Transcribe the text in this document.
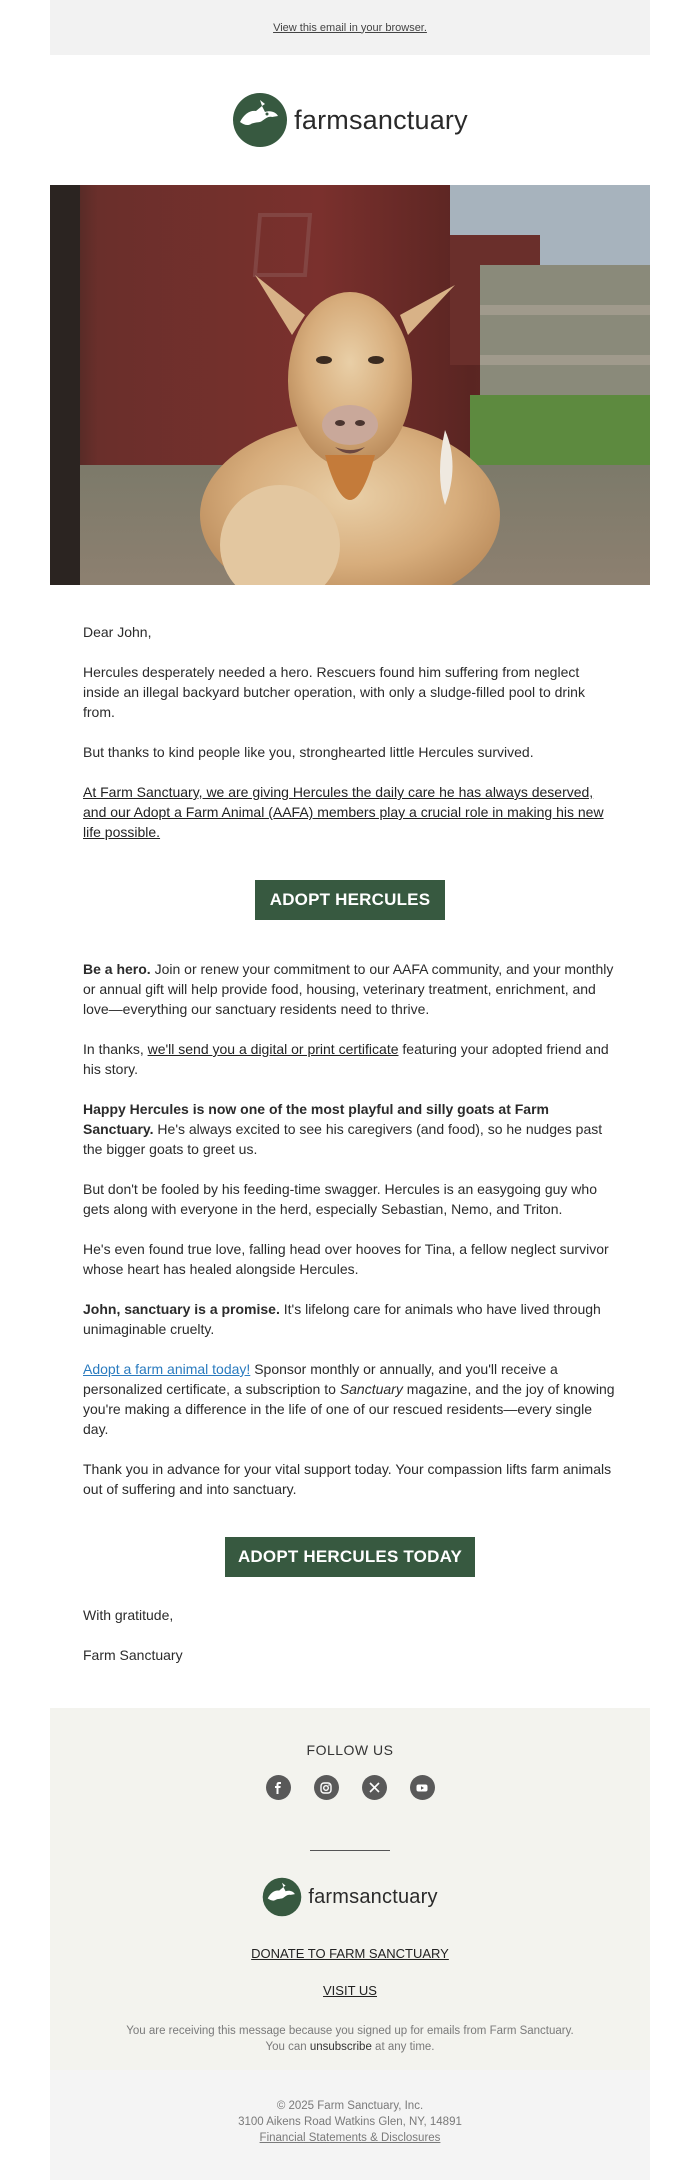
View this email in your browser.
farmsanctuary

Dear John,

Hercules desperately needed a hero. Rescuers found him suffering from neglect inside an illegal backyard butcher operation, with only a sludge-filled pool to drink from.

But thanks to kind people like you, stronghearted little Hercules survived.

At Farm Sanctuary, we are giving Hercules the daily care he has always deserved, and our Adopt a Farm Animal (AAFA) members play a crucial role in making his new life possible.

ADOPT HERCULES

Be a hero. Join or renew your commitment to our AAFA community, and your monthly or annual gift will help provide food, housing, veterinary treatment, enrichment, and love—everything our sanctuary residents need to thrive.

In thanks, we'll send you a digital or print certificate featuring your adopted friend and his story.

Happy Hercules is now one of the most playful and silly goats at Farm Sanctuary. He's always excited to see his caregivers (and food), so he nudges past the bigger goats to greet us.

But don't be fooled by his feeding-time swagger. Hercules is an easygoing guy who gets along with everyone in the herd, especially Sebastian, Nemo, and Triton.

He's even found true love, falling head over hooves for Tina, a fellow neglect survivor whose heart has healed alongside Hercules.

John, sanctuary is a promise. It's lifelong care for animals who have lived through unimaginable cruelty.

Adopt a farm animal today! Sponsor monthly or annually, and you'll receive a personalized certificate, a subscription to Sanctuary magazine, and the joy of knowing you're making a difference in the life of one of our rescued residents—every single day.

Thank you in advance for your vital support today. Your compassion lifts farm animals out of suffering and into sanctuary.

ADOPT HERCULES TODAY

With gratitude,

Farm Sanctuary

FOLLOW US
farmsanctuary
DONATE TO FARM SANCTUARY
VISIT US
You are receiving this message because you signed up for emails from Farm Sanctuary.
You can unsubscribe at any time.
© 2025 Farm Sanctuary, Inc.
3100 Aikens Road Watkins Glen, NY, 14891
Financial Statements & Disclosures
